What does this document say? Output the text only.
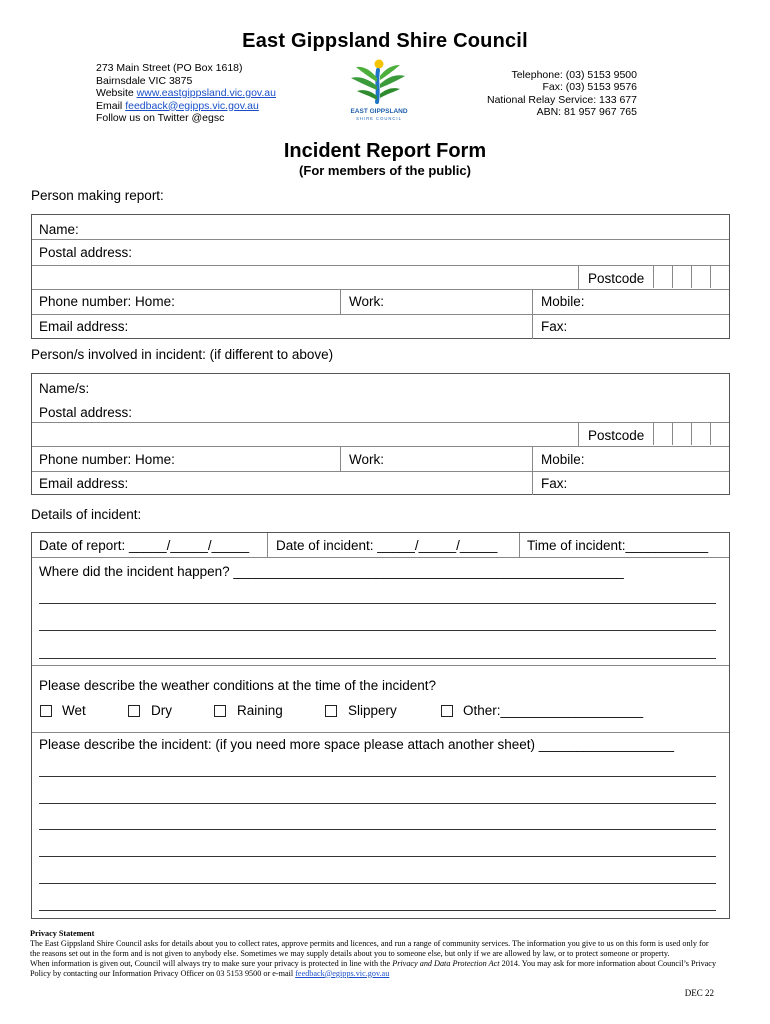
East Gippsland Shire Council
273 Main Street (PO Box 1618)
Bairnsdale VIC 3875
Website www.eastgippsland.vic.gov.au
Email feedback@egipps.vic.gov.au
Follow us on Twitter @egsc
EAST GIPPSLAND
SHIRE COUNCIL
Telephone: (03) 5153 9500
Fax: (03) 5153 9576
National Relay Service: 133 677
ABN: 81 957 967 765
Incident Report Form
(For members of the public)
Person making report:
Name:
Postal address:
Postcode
Phone number: Home:	Work:	Mobile:
Email address:	Fax:
Person/s involved in incident: (if different to above)
Name/s:
Postal address:
Postcode
Phone number: Home:	Work:	Mobile:
Email address:	Fax:
Details of incident:
Date of report: _____/_____/_____ Date of incident: _____/_____/_____ Time of incident:___________
Where did the incident happen? ____________________________________________________
Please describe the weather conditions at the time of the incident?
Wet	Dry	Raining	Slippery	Other:___________________
Please describe the incident: (if you need more space please attach another sheet) __________________
Privacy Statement
The East Gippsland Shire Council asks for details about you to collect rates, approve permits and licences, and run a range of community services. The information you give to us on this form is used only for the reasons set out in the form and is not given to anybody else. Sometimes we may supply details about you to someone else, but only if we are allowed by law, or to protect someone or property.
When information is given out, Council will always try to make sure your privacy is protected in line with the Privacy and Data Protection Act 2014. You may ask for more information about Council’s Privacy Policy by contacting our Information Privacy Officer on 03 5153 9500 or e-mail feedback@egipps.vic.gov.au
DEC 22
